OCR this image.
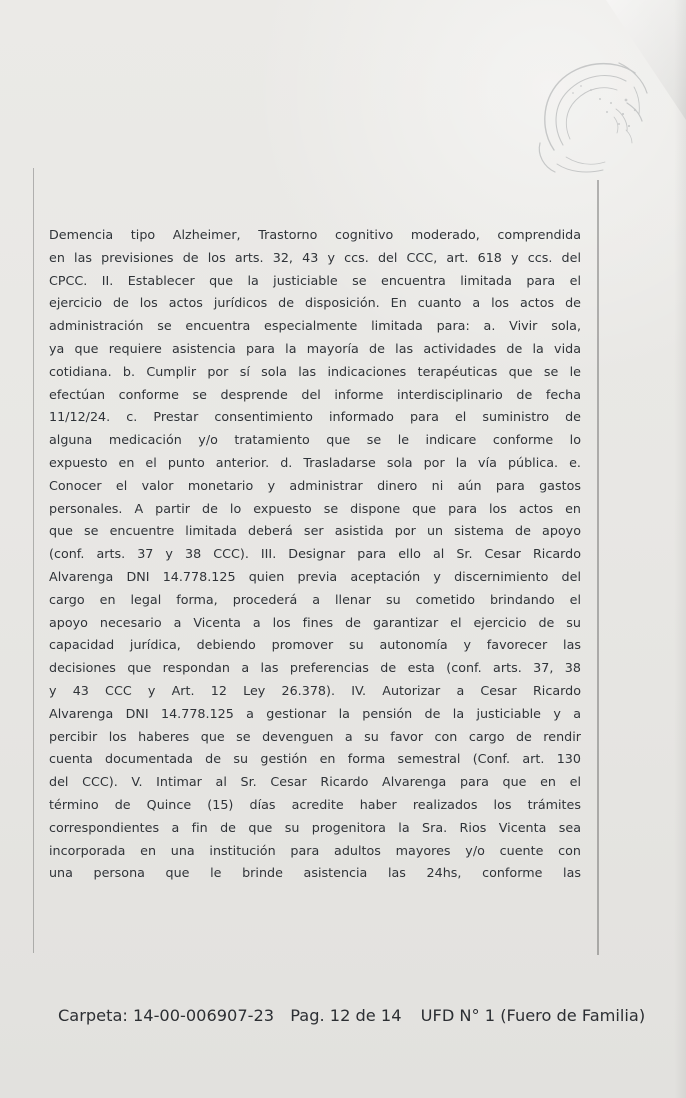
Demencia tipo Alzheimer, Trastorno cognitivo moderado, comprendida
en las previsiones de los arts. 32, 43 y ccs. del CCC, art. 618 y ccs. del
CPCC. II. Establecer que la justiciable se encuentra limitada para el
ejercicio de los actos jurídicos de disposición. En cuanto a los actos de
administración se encuentra especialmente limitada para: a. Vivir sola,
ya que requiere asistencia para la mayoría de las actividades de la vida
cotidiana. b. Cumplir por sí sola las indicaciones terapéuticas que se le
efectúan conforme se desprende del informe interdisciplinario de fecha
11/12/24. c. Prestar consentimiento informado para el suministro de
alguna medicación y/o tratamiento que se le indicare conforme lo
expuesto en el punto anterior. d. Trasladarse sola por la vía pública. e.
Conocer el valor monetario y administrar dinero ni aún para gastos
personales. A partir de lo expuesto se dispone que para los actos en
que se encuentre limitada deberá ser asistida por un sistema de apoyo
(conf. arts. 37 y 38 CCC). III. Designar para ello al Sr. Cesar Ricardo
Alvarenga DNI 14.778.125 quien previa aceptación y discernimiento del
cargo en legal forma, procederá a llenar su cometido brindando el
apoyo necesario a Vicenta a los fines de garantizar el ejercicio de su
capacidad jurídica, debiendo promover su autonomía y favorecer las
decisiones que respondan a las preferencias de esta (conf. arts. 37, 38
y 43 CCC y Art. 12 Ley 26.378). IV. Autorizar a Cesar Ricardo
Alvarenga DNI 14.778.125 a gestionar la pensión de la justiciable y a
percibir los haberes que se devenguen a su favor con cargo de rendir
cuenta documentada de su gestión en forma semestral (Conf. art. 130
del CCC). V. Intimar al Sr. Cesar Ricardo Alvarenga para que en el
término de Quince (15) días acredite haber realizados los trámites
correspondientes a fin de que su progenitora la Sra. Rios Vicenta sea
incorporada en una institución para adultos mayores y/o cuente con
una persona que le brinde asistencia las 24hs, conforme las
Carpeta: 14-00-006907-23 Pag. 12 de 14 UFD N° 1 (Fuero de Familia)
